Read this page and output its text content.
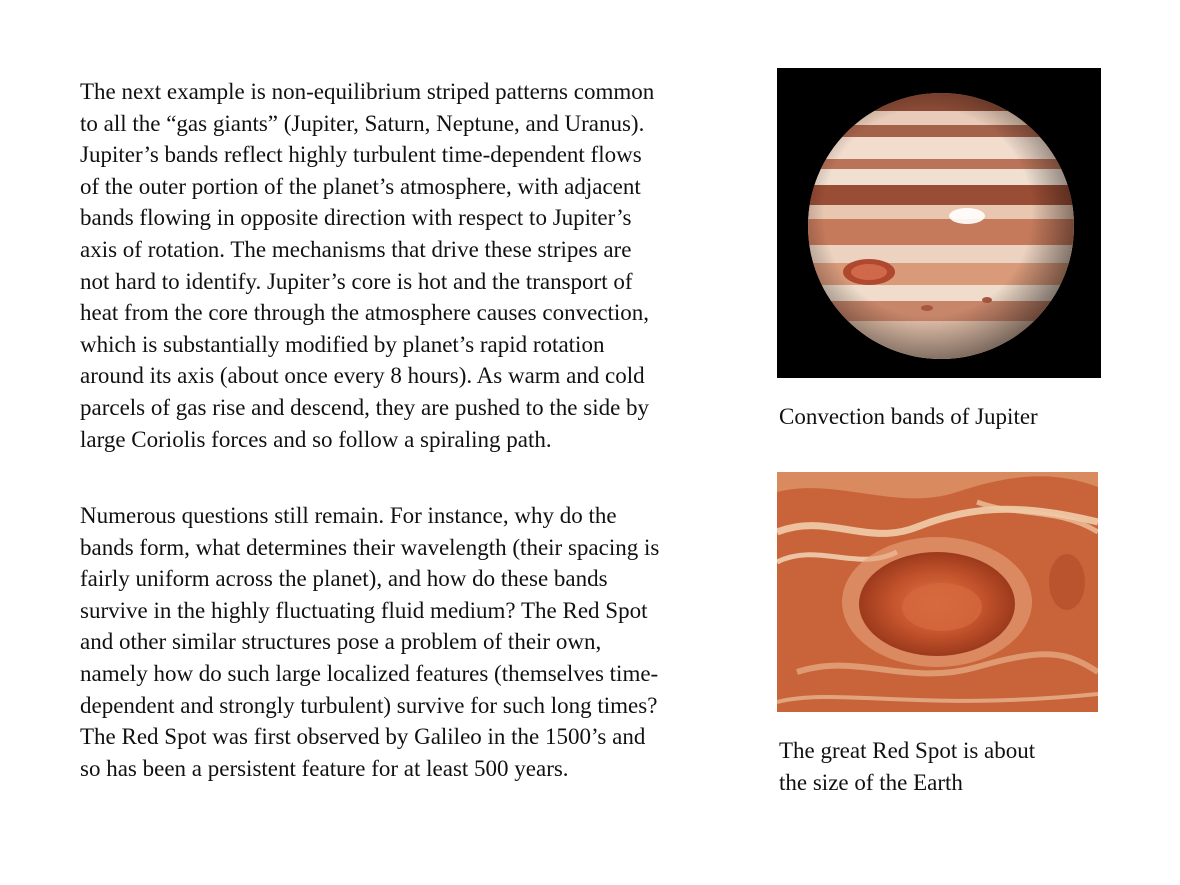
The next example is non-equilibrium striped patterns common
to all the “gas giants” (Jupiter, Saturn, Neptune, and Uranus).
Jupiter’s bands reflect highly turbulent time-dependent flows
of the outer portion of the planet’s atmosphere, with adjacent
bands flowing in opposite direction with respect to Jupiter’s
axis of rotation. The mechanisms that drive these stripes are
not hard to identify. Jupiter’s core is hot and the transport of
heat from the core through the atmosphere causes convection,
which is substantially modified by planet’s rapid rotation
around its axis (about once every 8 hours). As warm and cold
parcels of gas rise and descend, they are pushed to the side by
large Coriolis forces and so follow a spiraling path.

Numerous questions still remain. For instance, why do the
bands form, what determines their wavelength (their spacing is
fairly uniform across the planet), and how do these bands
survive in the highly fluctuating fluid medium? The Red Spot
and other similar structures pose a problem of their own,
namely how do such large localized features (themselves time-
dependent and strongly turbulent) survive for such long times?
The Red Spot was first observed by Galileo in the 1500’s and
so has been a persistent feature for at least 500 years.

Convection bands of Jupiter

The great Red Spot is about
the size of the Earth
